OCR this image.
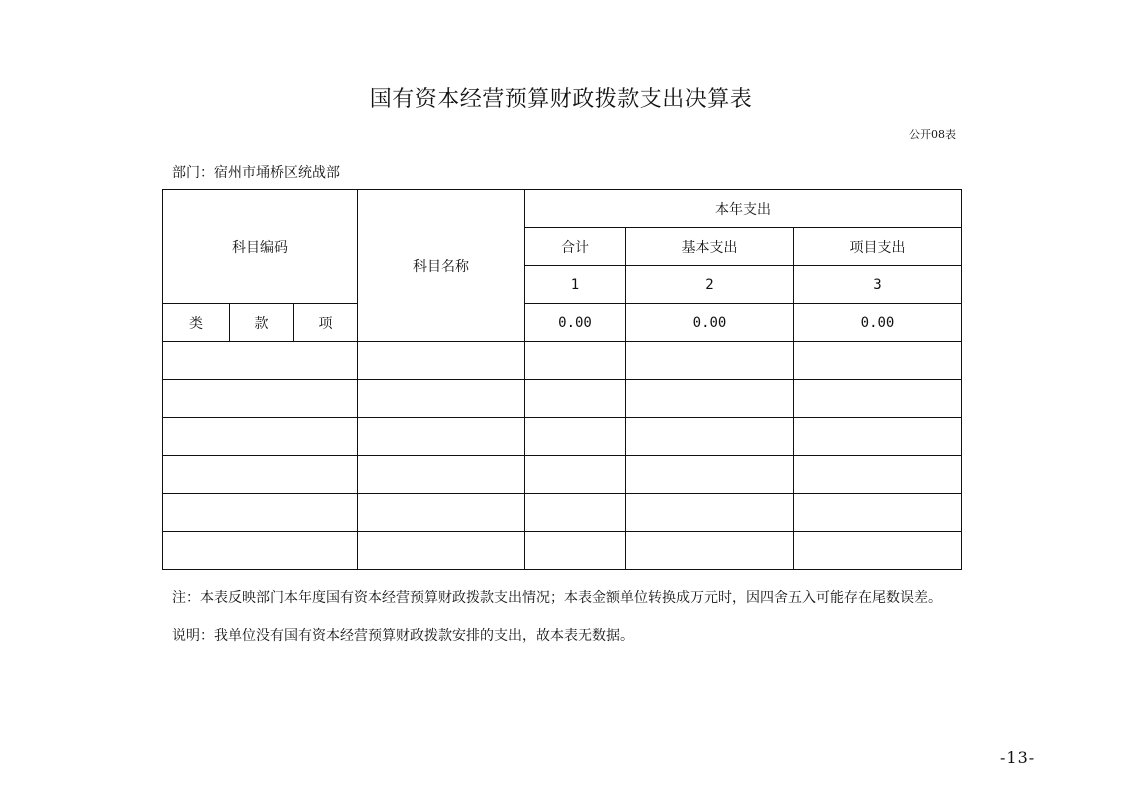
国有资本经营预算财政拨款支出决算表
公开08表
部门：宿州市埇桥区统战部
科目编码			科目名称	本年支出		
				合计	基本支出	项目支出
				1	2	3
类	款	项		0.00	0.00	0.00

注：本表反映部门本年度国有资本经营预算财政拨款支出情况；本表金额单位转换成万元时，因四舍五入可能存在尾数误差。
说明：我单位没有国有资本经营预算财政拨款安排的支出，故本表无数据。
-13-
